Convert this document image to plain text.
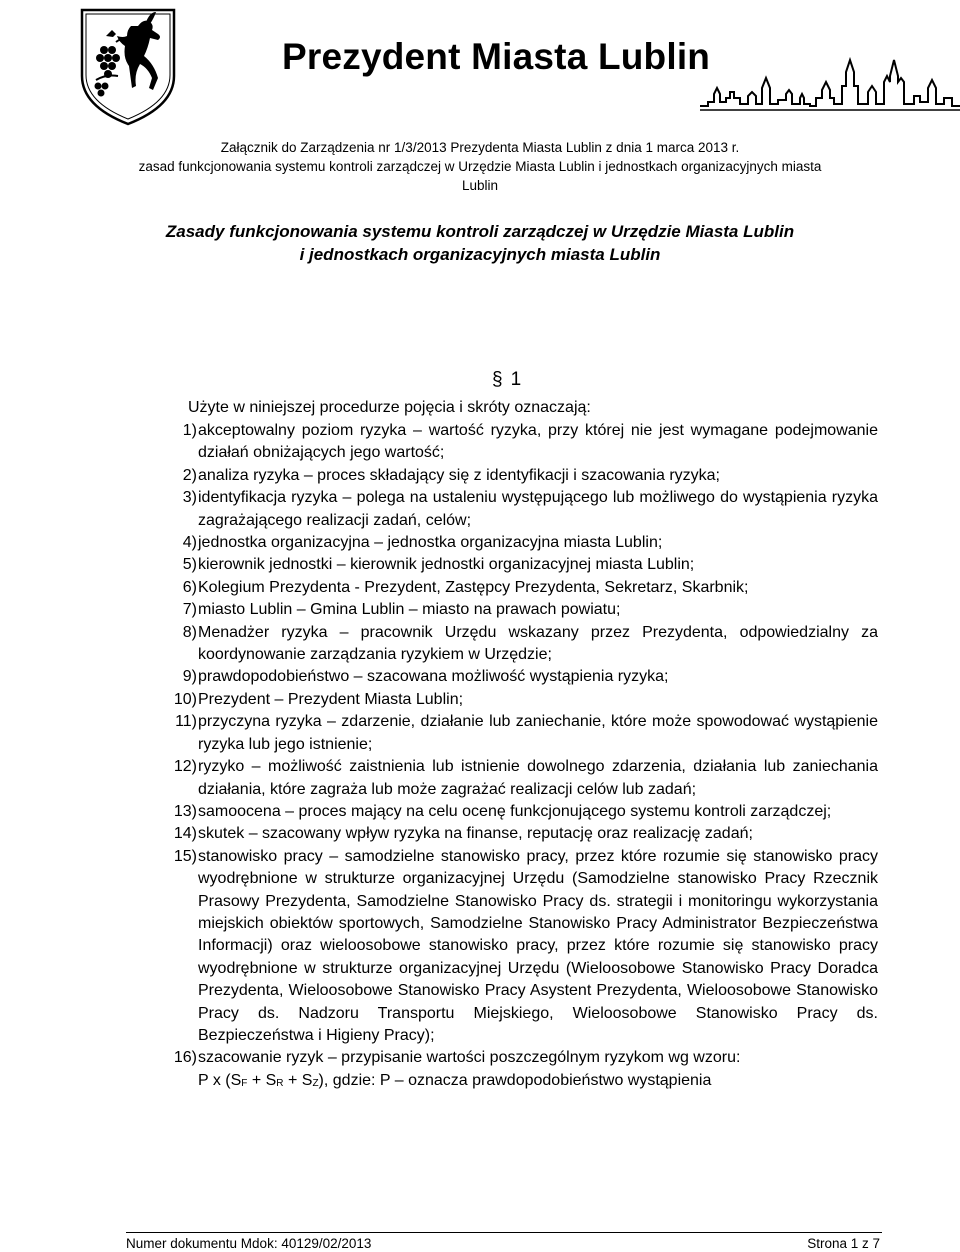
Prezydent Miasta Lublin
Załącznik do Zarządzenia nr 1/3/2013 Prezydenta Miasta Lublin z dnia 1 marca 2013 r.
zasad funkcjonowania systemu kontroli zarządczej w Urzędzie Miasta Lublin i jednostkach organizacyjnych miasta
Lublin
Zasady funkcjonowania systemu kontroli zarządczej w Urzędzie Miasta Lublin
i jednostkach organizacyjnych miasta Lublin
§ 1
Użyte w niniejszej procedurze pojęcia i skróty oznaczają:
1) akceptowalny poziom ryzyka – wartość ryzyka, przy której nie jest wymagane podejmowanie działań obniżających jego wartość;
2) analiza ryzyka – proces składający się z identyfikacji i szacowania ryzyka;
3) identyfikacja ryzyka – polega na ustaleniu występującego lub możliwego do wystąpienia ryzyka zagrażającego realizacji zadań, celów;
4) jednostka organizacyjna – jednostka organizacyjna miasta Lublin;
5) kierownik jednostki – kierownik jednostki organizacyjnej miasta Lublin;
6) Kolegium Prezydenta - Prezydent, Zastępcy Prezydenta, Sekretarz, Skarbnik;
7) miasto Lublin – Gmina Lublin – miasto na prawach powiatu;
8) Menadżer ryzyka – pracownik Urzędu wskazany przez Prezydenta, odpowiedzialny za koordynowanie zarządzania ryzykiem w Urzędzie;
9) prawdopodobieństwo – szacowana możliwość wystąpienia ryzyka;
10) Prezydent – Prezydent Miasta Lublin;
11) przyczyna ryzyka – zdarzenie, działanie lub zaniechanie, które może spowodować wystąpienie ryzyka lub jego istnienie;
12) ryzyko – możliwość zaistnienia lub istnienie dowolnego zdarzenia, działania lub zaniechania działania, które zagraża lub może zagrażać realizacji celów lub zadań;
13) samoocena – proces mający na celu ocenę funkcjonującego systemu kontroli zarządczej;
14) skutek – szacowany wpływ ryzyka na finanse, reputację oraz realizację zadań;
15) stanowisko pracy – samodzielne stanowisko pracy, przez które rozumie się stanowisko pracy wyodrębnione w strukturze organizacyjnej Urzędu (Samodzielne stanowisko Pracy Rzecznik Prasowy Prezydenta, Samodzielne Stanowisko Pracy ds. strategii i monitoringu wykorzystania miejskich obiektów sportowych, Samodzielne Stanowisko Pracy Administrator Bezpieczeństwa Informacji) oraz wieloosobowe stanowisko pracy, przez które rozumie się stanowisko pracy wyodrębnione w strukturze organizacyjnej Urzędu (Wieloosobowe Stanowisko Pracy Doradca Prezydenta, Wieloosobowe Stanowisko Pracy Asystent Prezydenta, Wieloosobowe Stanowisko Pracy ds. Nadzoru Transportu Miejskiego, Wieloosobowe Stanowisko Pracy ds. Bezpieczeństwa i Higieny Pracy);
16) szacowanie ryzyk – przypisanie wartości poszczególnym ryzykom wg wzoru:
P x $(S_F + S_R + S_Z)$, gdzie: P – oznacza prawdopodobieństwo wystąpienia
Numer dokumentu Mdok: 40129/02/2013	Strona 1 z 7
